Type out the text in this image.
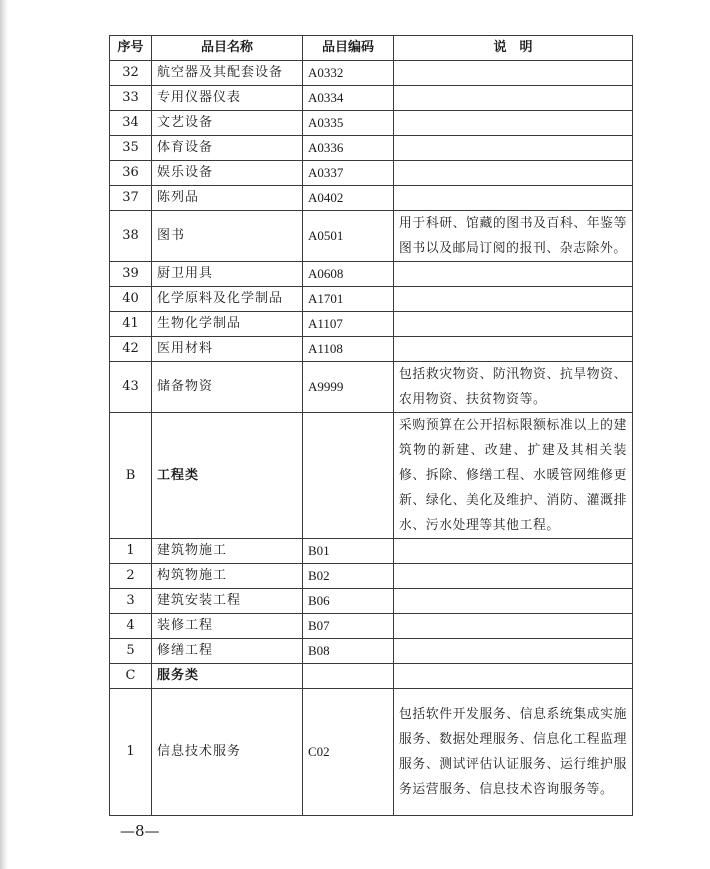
序号	品目名称	品目编码	说　明
32	航空器及其配套设备	A0332	
33	专用仪器仪表	A0334	
34	文艺设备	A0335	
35	体育设备	A0336	
36	娱乐设备	A0337	
37	陈列品	A0402	
38	图书	A0501	用于科研、馆藏的图书及百科、年鉴等图书以及邮局订阅的报刊、杂志除外。

39	厨卫用具	A0608	
40	化学原料及化学制品	A1701	
41	生物化学制品	A1107	
42	医用材料	A1108	
43	储备物资	A9999	包括救灾物资、防汛物资、抗旱物资、农用物资、扶贫物资等。

B	工程类		采购预算在公开招标限额标准以上的建筑物的新建、改建、扩建及其相关装修、拆除、修缮工程、水暖管网维修更新、绿化、美化及维护、消防、灌溉排水、污水处理等其他工程。

1	建筑物施工	B01	
2	构筑物施工	B02	
3	建筑安装工程	B06	
4	装修工程	B07	
5	修缮工程	B08	
C	服务类		
1	信息技术服务	C02	包括软件开发服务、信息系统集成实施服务、数据处理服务、信息化工程监理服务、测试评估认证服务、运行维护服务运营服务、信息技术咨询服务等。
—8—
